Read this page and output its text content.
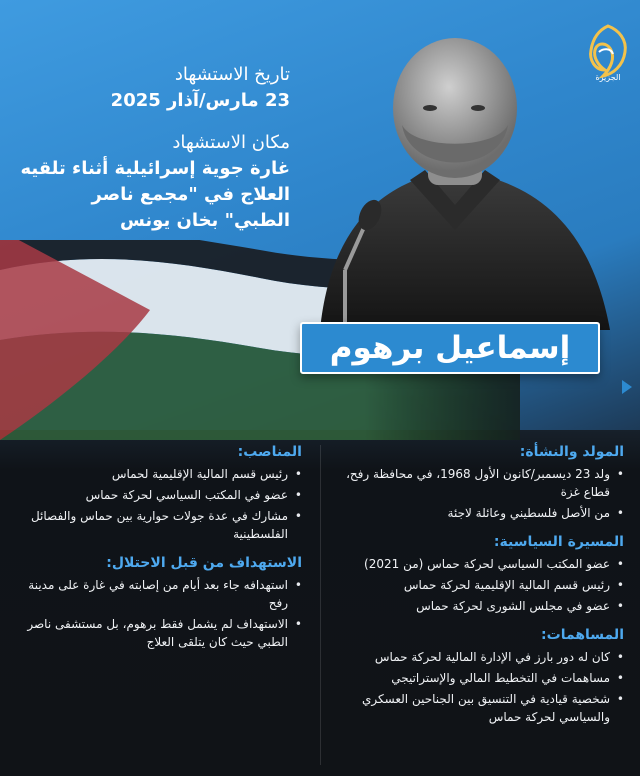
الجزيرة
تاريخ الاستشهاد
23 مارس/آذار 2025
مكان الاستشهاد
غارة جوية إسرائيلية أثناء تلقيه العلاج في "مجمع ناصر الطبي" بخان يونس
إسماعيل برهوم
المولد والنشأة:
• ولد 23 ديسمبر/كانون الأول 1968، في محافظة رفح، قطاع غزة
• من الأصل فلسطيني وعائلة لاجئة
المسيرة السياسية:
• عضو المكتب السياسي لحركة حماس (من 2021)
• رئيس قسم المالية الإقليمية لحركة حماس
• عضو في مجلس الشورى لحركة حماس
المساهمات:
• كان له دور بارز في الإدارة المالية لحركة حماس
• مساهمات في التخطيط المالي والإستراتيجي
• شخصية قيادية في التنسيق بين الجناحين العسكري والسياسي لحركة حماس
المناصب:
• رئيس قسم المالية الإقليمية لحماس
• عضو في المكتب السياسي لحركة حماس
• مشارك في عدة جولات حوارية بين حماس والفصائل الفلسطينية
الاستهداف من قبل الاحتلال:
• استهدافه جاء بعد أيام من إصابته في غارة على مدينة رفح
• الاستهداف لم يشمل فقط برهوم، بل مستشفى ناصر الطبي حيث كان يتلقى العلاج
